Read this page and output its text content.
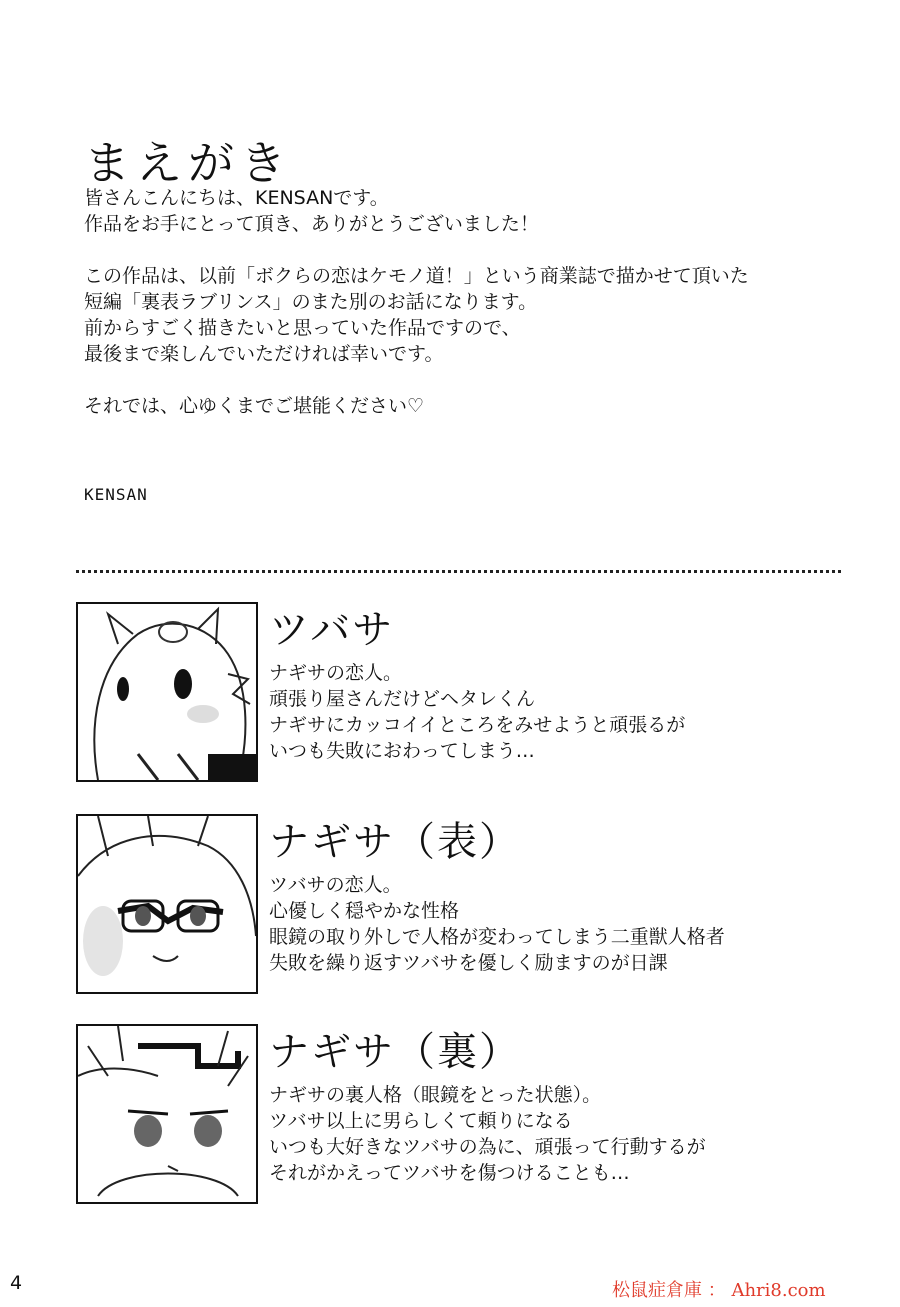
まえがき

皆さんこんにちは、KENSANです。
作品をお手にとって頂き、ありがとうございました！

この作品は、以前「ボクらの恋はケモノ道！」という商業誌で描かせて頂いた
短編「裏表ラブリンス」のまた別のお話になります。
前からすごく描きたいと思っていた作品ですので、
最後まで楽しんでいただければ幸いです。

それでは、心ゆくまでご堪能ください♡

KENSAN
ツバサ
ナギサの恋人。
頑張り屋さんだけどヘタレくん
ナギサにカッコイイところをみせようと頑張るが
いつも失敗におわってしまう…
ナギサ（表）
ツバサの恋人。
心優しく穏やかな性格
眼鏡の取り外しで人格が変わってしまう二重獣人格者
失敗を繰り返すツバサを優しく励ますのが日課
ナギサ（裏）
ナギサの裏人格（眼鏡をとった状態）。
ツバサ以上に男らしくて頼りになる
いつも大好きなツバサの為に、頑張って行動するが
それがかえってツバサを傷つけることも…
4	松鼠症倉庫 ： Ahri8.com
